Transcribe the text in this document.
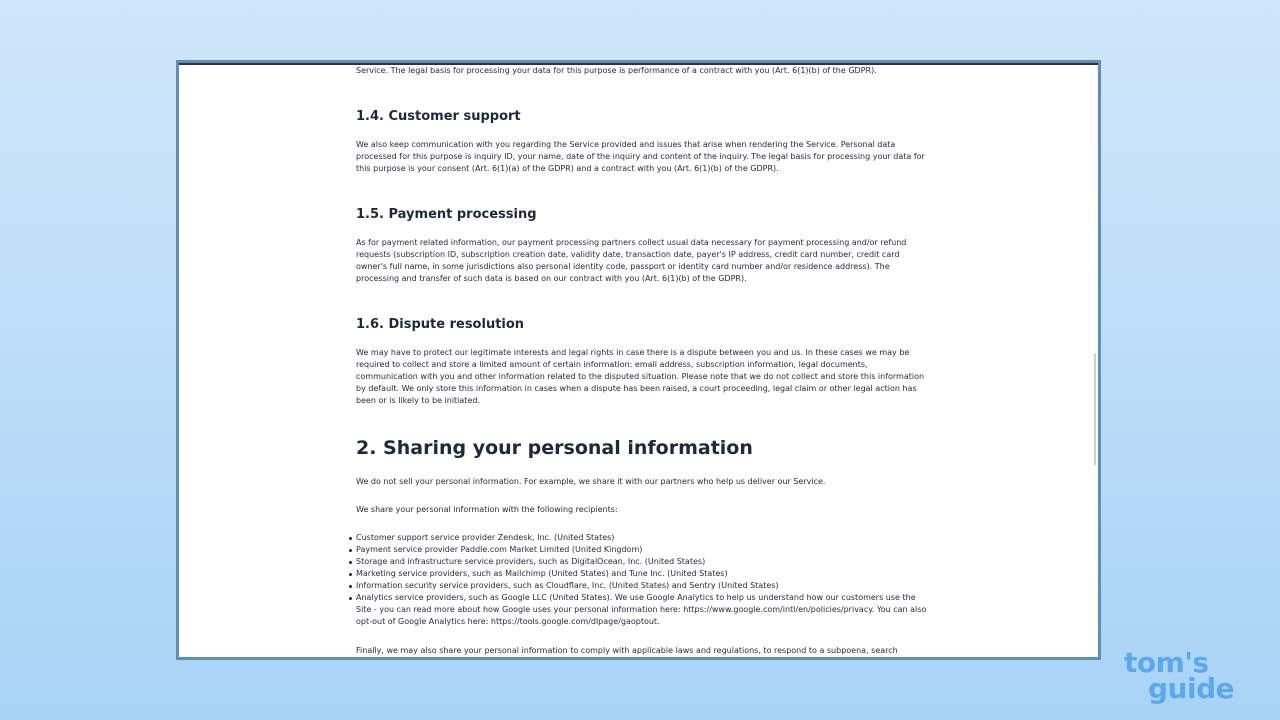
Service. The legal basis for processing your data for this purpose is performance of a contract with you (Art. 6(1)(b) of the GDPR).

1.4. Customer support

We also keep communication with you regarding the Service provided and issues that arise when rendering the Service. Personal data processed for this purpose is inquiry ID, your name, date of the inquiry and content of the inquiry. The legal basis for processing your data for this purpose is your consent (Art. 6(1)(a) of the GDPR) and a contract with you (Art. 6(1)(b) of the GDPR).

1.5. Payment processing

As for payment related information, our payment processing partners collect usual data necessary for payment processing and/or refund requests (subscription ID, subscription creation date, validity date, transaction date, payer's IP address, credit card number, credit card owner's full name, in some jurisdictions also personal identity code, passport or identity card number and/or residence address). The processing and transfer of such data is based on our contract with you (Art. 6(1)(b) of the GDPR).

1.6. Dispute resolution

We may have to protect our legitimate interests and legal rights in case there is a dispute between you and us. In these cases we may be required to collect and store a limited amount of certain information: email address, subscription information, legal documents, communication with you and other information related to the disputed situation. Please note that we do not collect and store this information by default. We only store this information in cases when a dispute has been raised, a court proceeding, legal claim or other legal action has been or is likely to be initiated.

2. Sharing your personal information

We do not sell your personal information. For example, we share it with our partners who help us deliver our Service.

We share your personal information with the following recipients:

Customer support service provider Zendesk, Inc. (United States)
Payment service provider Paddle.com Market Limited (United Kingdom)
Storage and infrastructure service providers, such as DigitalOcean, Inc. (United States)
Marketing service providers, such as Mailchimp (United States) and Tune Inc. (United States)
Information security service providers, such as Cloudflare, Inc. (United States) and Sentry (United States)
Analytics service providers, such as Google LLC (United States). We use Google Analytics to help us understand how our customers use the Site - you can read more about how Google uses your personal information here: https://www.google.com/intl/en/policies/privacy. You can also opt-out of Google Analytics here: https://tools.google.com/dlpage/gaoptout.

Finally, we may also share your personal information to comply with applicable laws and regulations, to respond to a subpoena, search	tom's
guide
